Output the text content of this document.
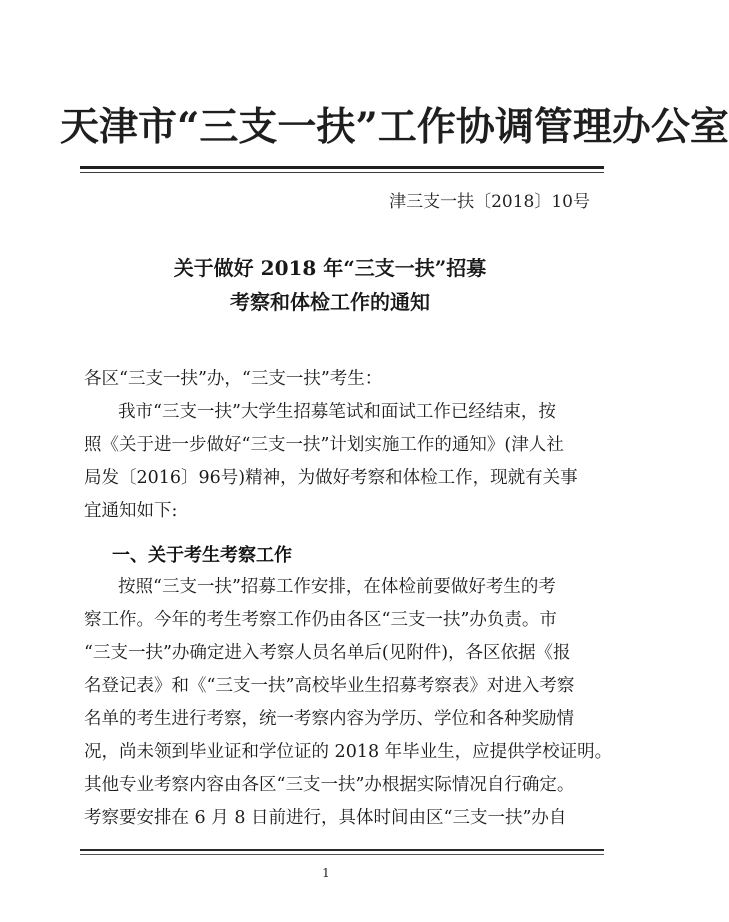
天津市“三支一扶”工作协调管理办公室
津三支一扶〔2018〕10号
关于做好 2018 年“三支一扶”招募
考察和体检工作的通知
各区“三支一扶”办，“三支一扶”考生：
我市“三支一扶”大学生招募笔试和面试工作已经结束，按
照《关于进一步做好“三支一扶”计划实施工作的通知》(津人社
局发〔2016〕96号)精神，为做好考察和体检工作，现就有关事
宜通知如下:
一、关于考生考察工作
按照“三支一扶”招募工作安排，在体检前要做好考生的考
察工作。今年的考生考察工作仍由各区“三支一扶”办负责。市
“三支一扶”办确定进入考察人员名单后(见附件)，各区依据《报
名登记表》和《“三支一扶”高校毕业生招募考察表》对进入考察
名单的考生进行考察，统一考察内容为学历、学位和各种奖励情
况，尚未领到毕业证和学位证的 2018 年毕业生，应提供学校证明。
其他专业考察内容由各区“三支一扶”办根据实际情况自行确定。
考察要安排在 6 月 8 日前进行，具体时间由区“三支一扶”办自
1
